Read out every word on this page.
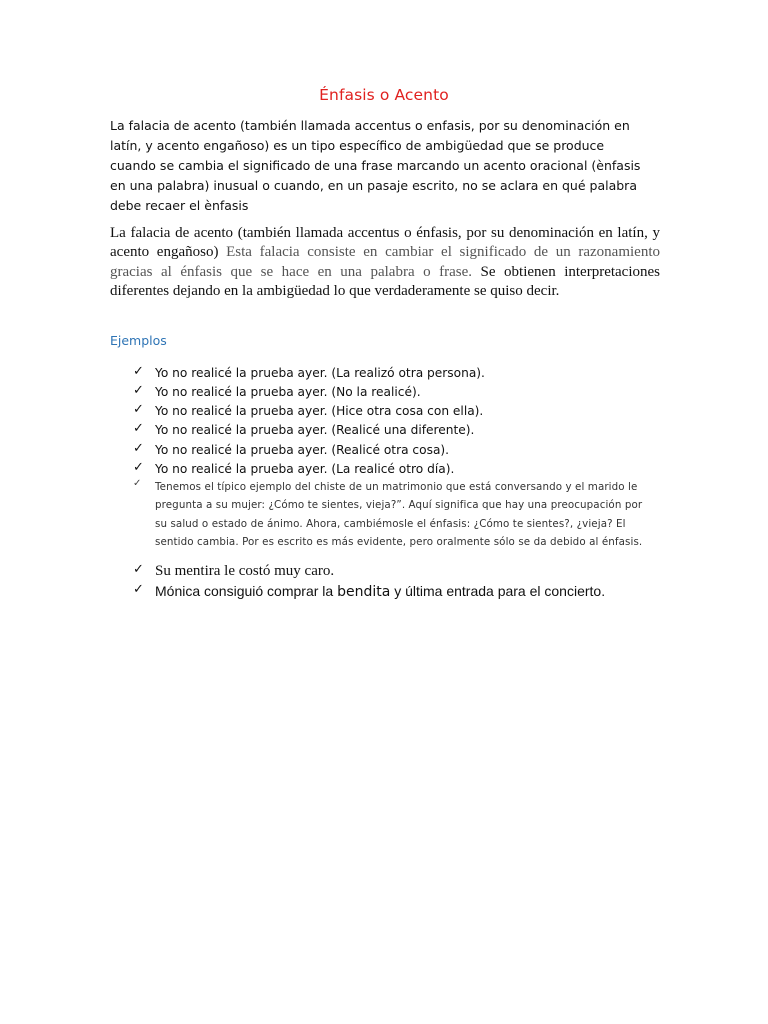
Énfasis o Acento
La falacia de acento (también llamada accentus o enfasis, por su denominación en latín, y acento engañoso) es un tipo específico de ambigüedad que se produce cuando se cambia el significado de una frase marcando un acento oracional (ènfasis en una palabra) inusual o cuando, en un pasaje escrito, no se aclara en qué palabra debe recaer el ènfasis
La falacia de acento (también llamada accentus o énfasis, por su denominación en latín, y acento engañoso) Esta falacia consiste en cambiar el significado de un razonamiento gracias al énfasis que se hace en una palabra o frase. Se obtienen interpretaciones diferentes dejando en la ambigüedad lo que verdaderamente se quiso decir.
Ejemplos
✓ Yo no realicé la prueba ayer. (La realizó otra persona).
✓ Yo no realicé la prueba ayer. (No la realicé).
✓ Yo no realicé la prueba ayer. (Hice otra cosa con ella).
✓ Yo no realicé la prueba ayer. (Realicé una diferente).
✓ Yo no realicé la prueba ayer. (Realicé otra cosa).
✓ Yo no realicé la prueba ayer. (La realicé otro día).
✓	Tenemos el típico ejemplo del chiste de un matrimonio que está conversando y el marido le pregunta a su mujer: ¿Cómo te sientes, vieja?”. Aquí significa que hay una preocupación por su salud o estado de ánimo. Ahora, cambiémosle el énfasis: ¿Cómo te sientes?, ¿vieja? El sentido cambia. Por es escrito es más evidente, pero oralmente sólo se da debido al énfasis.
✓ Su mentira le costó muy caro.
✓ Mónica consiguió comprar la bendita y última entrada para el concierto.
